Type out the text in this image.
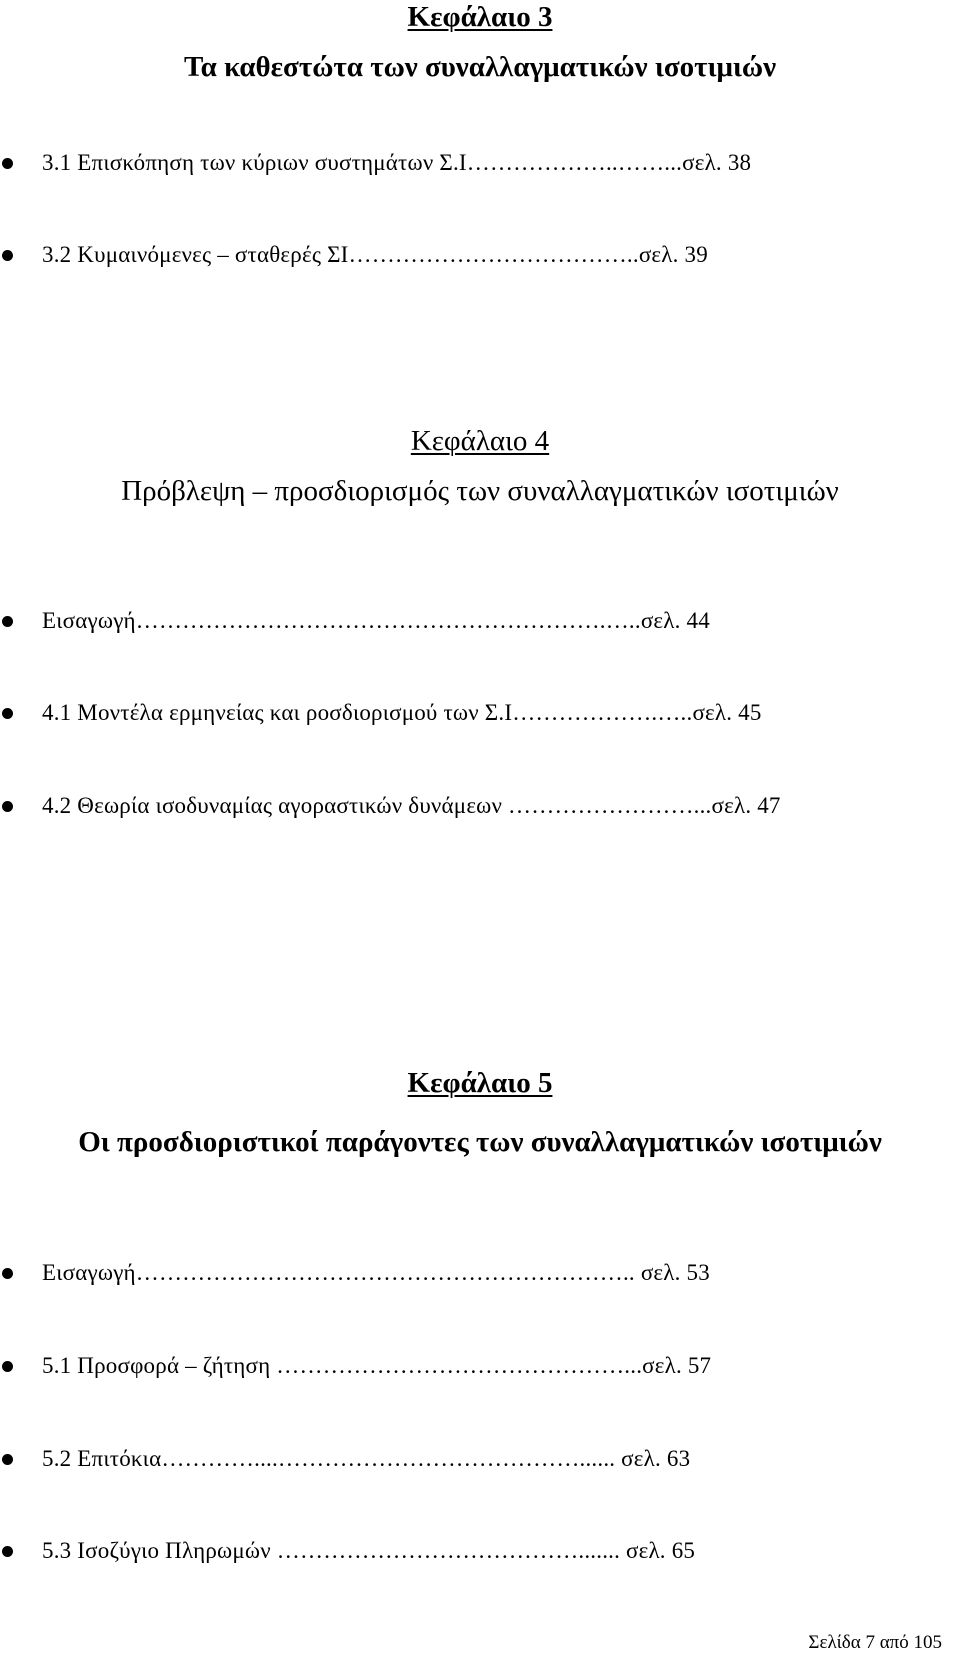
Κεφάλαιο 3
Τα καθεστώτα των συναλλαγματικών ισοτιμιών
3.1 Επισκόπηση των κύριων συστημάτων Σ.Ι………………..……...σελ. 38
3.2 Κυμαινόμενες – σταθερές ΣΙ………………………………..σελ. 39
Κεφάλαιο 4
Πρόβλεψη – προσδιορισμός των συναλλαγματικών ισοτιμιών
Εισαγωγή…………………………………………………….…..σελ. 44
4.1 Μοντέλα ερμηνείας και ροσδιορισμού των Σ.Ι……………….…..σελ. 45
4.2 Θεωρία ισοδυναμίας αγοραστικών δυνάμεων ……………………...σελ. 47
Κεφάλαιο 5
Οι προσδιοριστικοί παράγοντες των συναλλαγματικών ισοτιμιών
Εισαγωγή……………………………………………………….. σελ. 53
5.1 Προσφορά – ζήτηση ………………………………………...σελ. 57
5.2 Επιτόκια…………....…………………………………...... σελ. 63
5.3 Ισοζύγιο Πληρωμών …………………………………....... σελ. 65
Σελίδα 7 από 105
